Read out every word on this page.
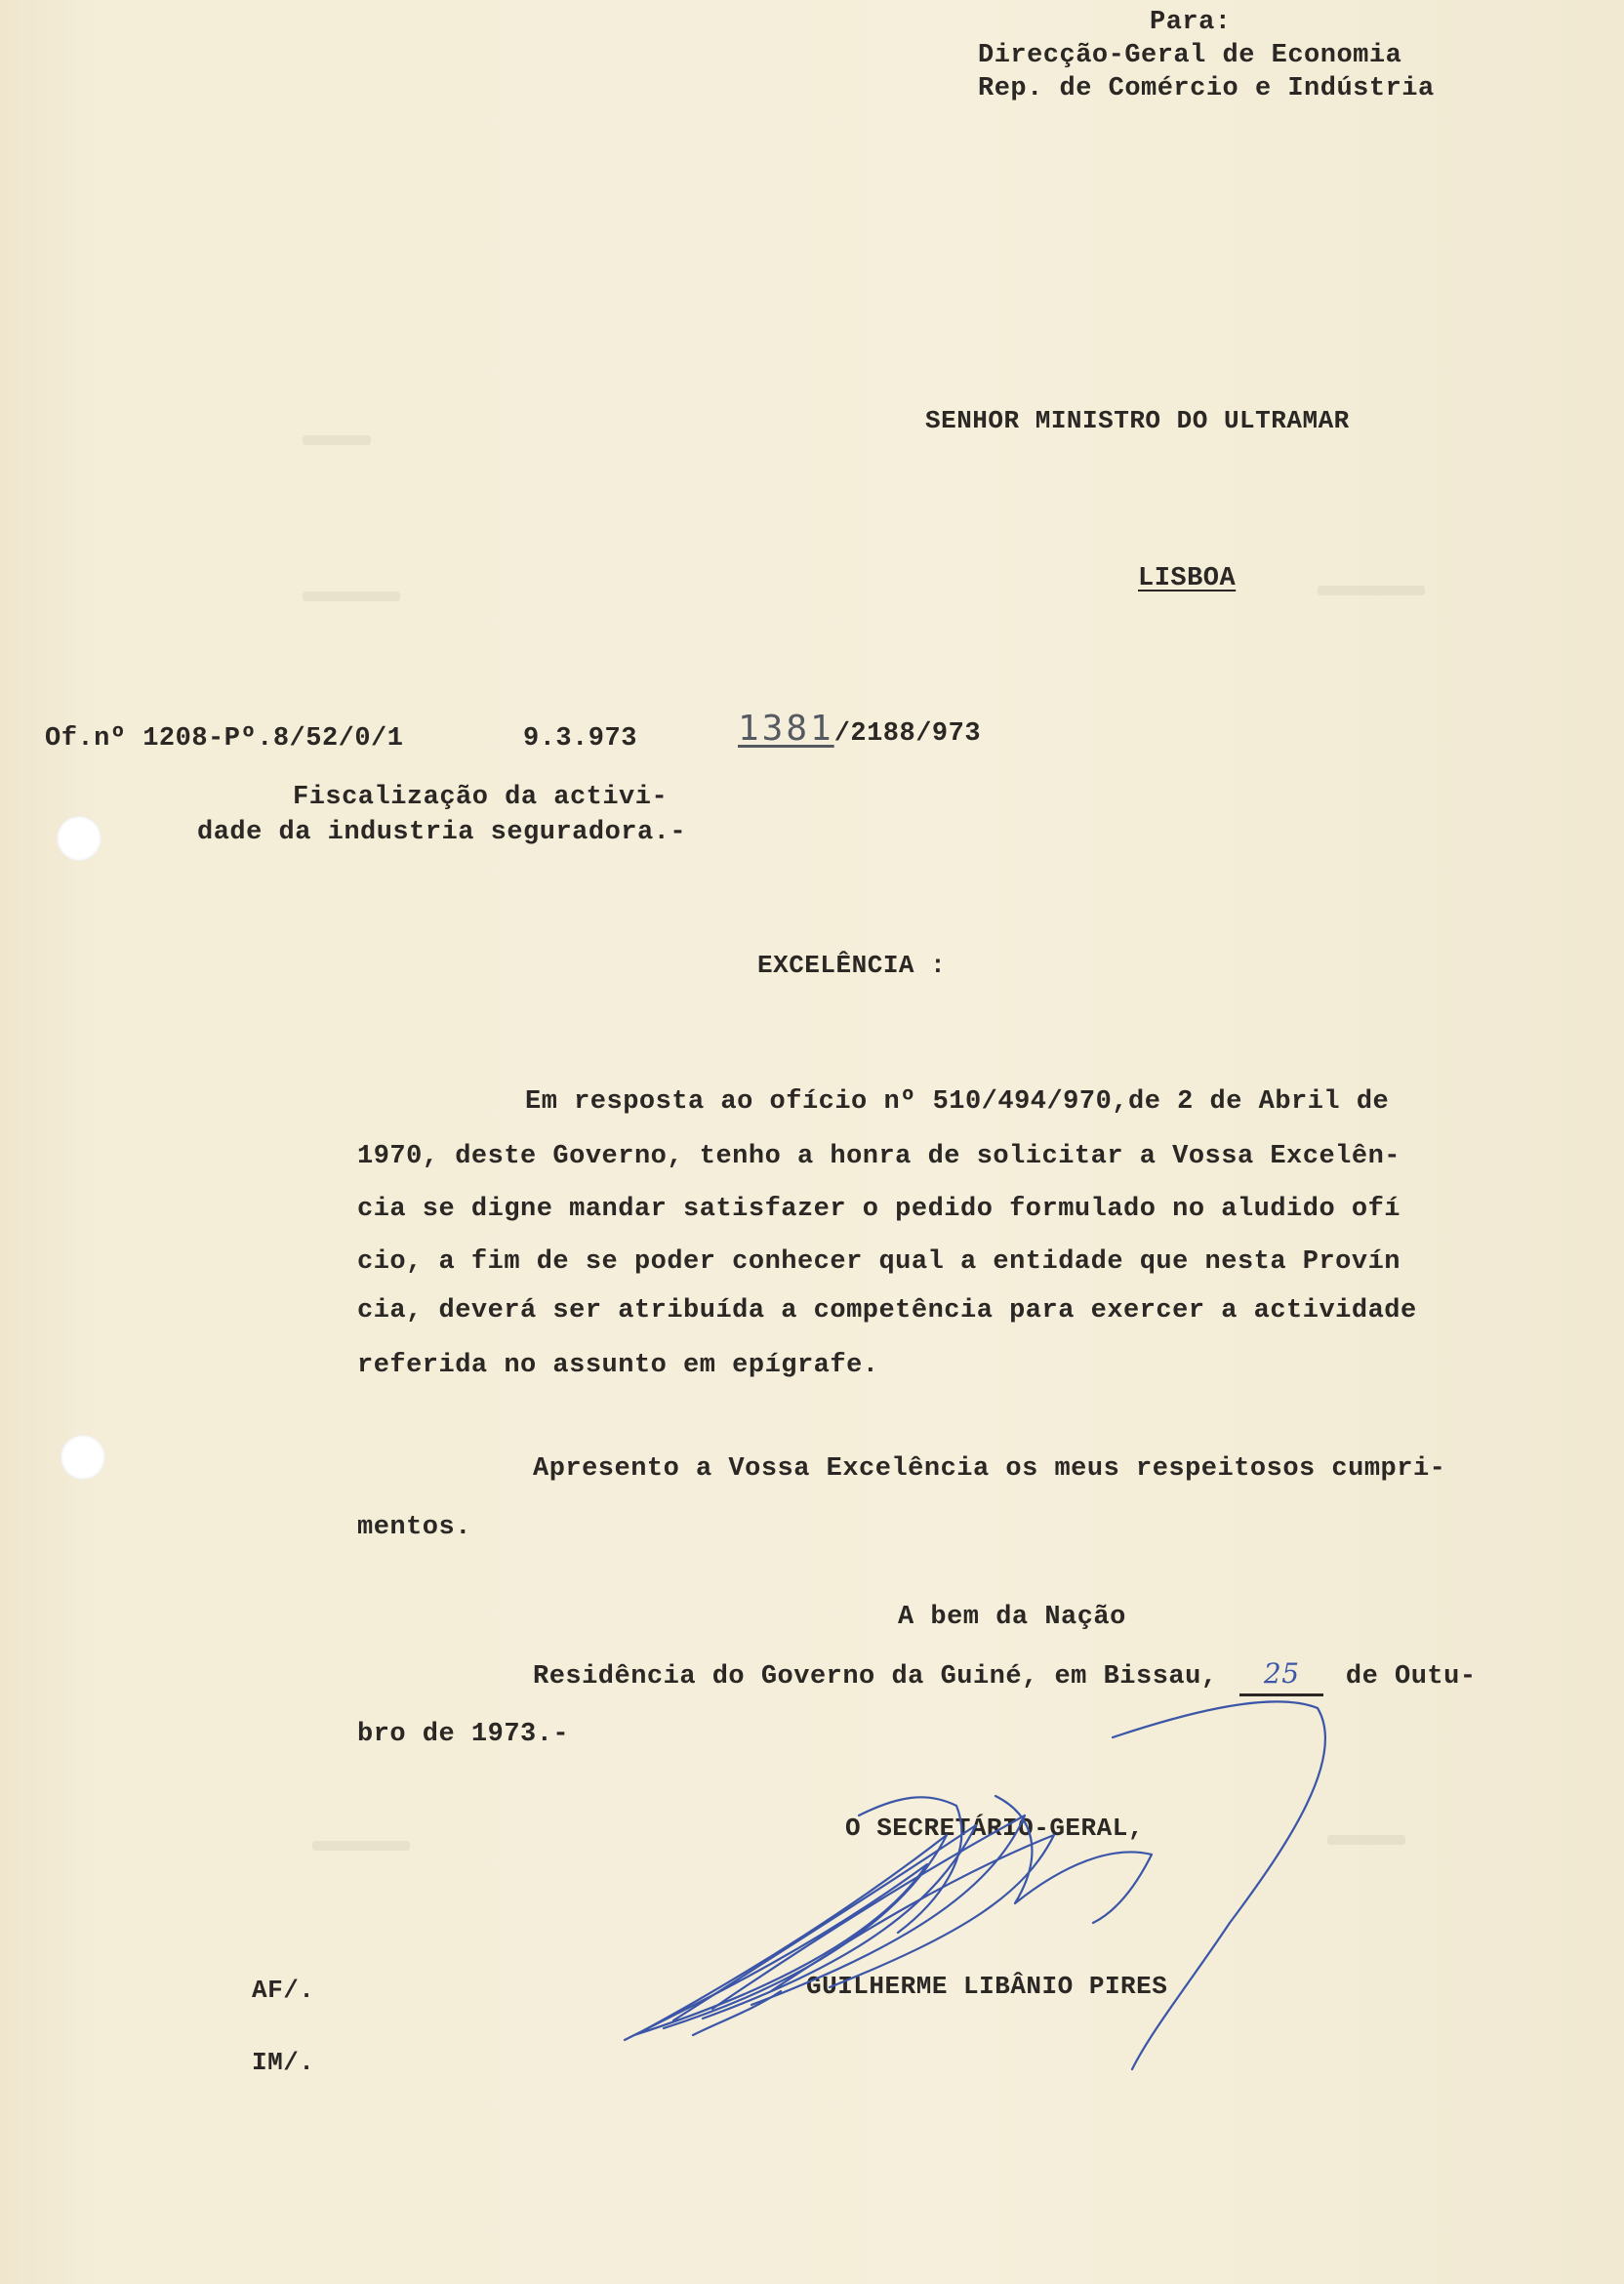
Para:
Direcção-Geral de Economia
Rep. de Comércio e Indústria
SENHOR MINISTRO DO ULTRAMAR
LISBOA
Of.nº 1208-Pº.8/52/0/1	9.3.973	1381/2188/973
Fiscalização da activi-
dade da industria seguradora.-
EXCELÊNCIA :
Em resposta ao ofício nº 510/494/970,de 2 de Abril de
1970, deste Governo, tenho a honra de solicitar a Vossa Excelên-
cia se digne mandar satisfazer o pedido formulado no aludido ofí
cio, a fim de se poder conhecer qual a entidade que nesta Provín
cia, deverá ser atribuída a competência para exercer a actividade
referida no assunto em epígrafe.
Apresento a Vossa Excelência os meus respeitosos cumpri-
mentos.
A bem da Nação
Residência do Governo da Guiné, em Bissau, 25 de Outu-
bro de 1973.-
O SECRETÁRIO-GERAL,
GUILHERME LIBÂNIO PIRES
AF/.
IM/.
